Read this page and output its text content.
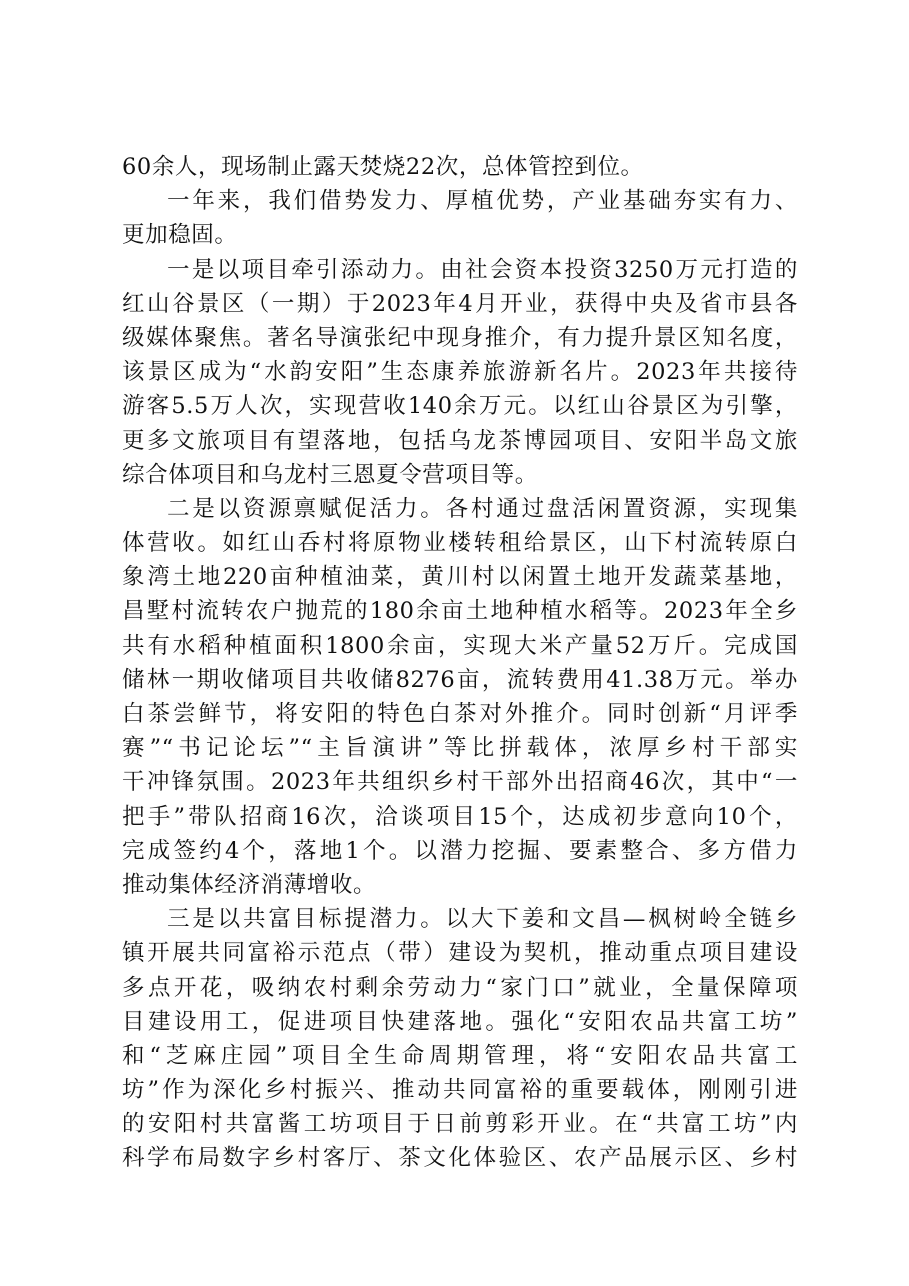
60余人，现场制止露天焚烧22次，总体管控到位。
一年来，我们借势发力、厚植优势，产业基础夯实有力、
更加稳固。
一是以项目牵引添动力。由社会资本投资3250万元打造的
红山谷景区（一期）于2023年4月开业，获得中央及省市县各
级媒体聚焦。著名导演张纪中现身推介，有力提升景区知名度，
该景区成为“水韵安阳”生态康养旅游新名片。2023年共接待
游客5.5万人次，实现营收140余万元。以红山谷景区为引擎，
更多文旅项目有望落地，包括乌龙茶博园项目、安阳半岛文旅
综合体项目和乌龙村三恩夏令营项目等。
二是以资源禀赋促活力。各村通过盘活闲置资源，实现集
体营收。如红山呑村将原物业楼转租给景区，山下村流转原白
象湾土地220亩种植油菜，黄川村以闲置土地开发蔬菜基地，
昌墅村流转农户抛荒的180余亩土地种植水稻等。2023年全乡
共有水稻种植面积1800余亩，实现大米产量52万斤。完成国
储林一期收储项目共收储8276亩，流转费用41.38万元。举办
白茶尝鲜节，将安阳的特色白茶对外推介。同时创新“月评季
赛”“书记论坛”“主旨演讲”等比拼载体，浓厚乡村干部实
干冲锋氛围。2023年共组织乡村干部外出招商46次，其中“一
把手”带队招商16次，洽谈项目15个，达成初步意向10个，
完成签约4个，落地1个。以潜力挖掘、要素整合、多方借力
推动集体经济消薄增收。
三是以共富目标提潜力。以大下姜和文昌—枫树岭全链乡
镇开展共同富裕示范点（带）建设为契机，推动重点项目建设
多点开花，吸纳农村剩余劳动力“家门口”就业，全量保障项
目建设用工，促进项目快建落地。强化“安阳农品共富工坊”
和“芝麻庄园”项目全生命周期管理，将“安阳农品共富工
坊”作为深化乡村振兴、推动共同富裕的重要载体，刚刚引进
的安阳村共富酱工坊项目于日前剪彩开业。在“共富工坊”内
科学布局数字乡村客厅、茶文化体验区、农产品展示区、乡村
